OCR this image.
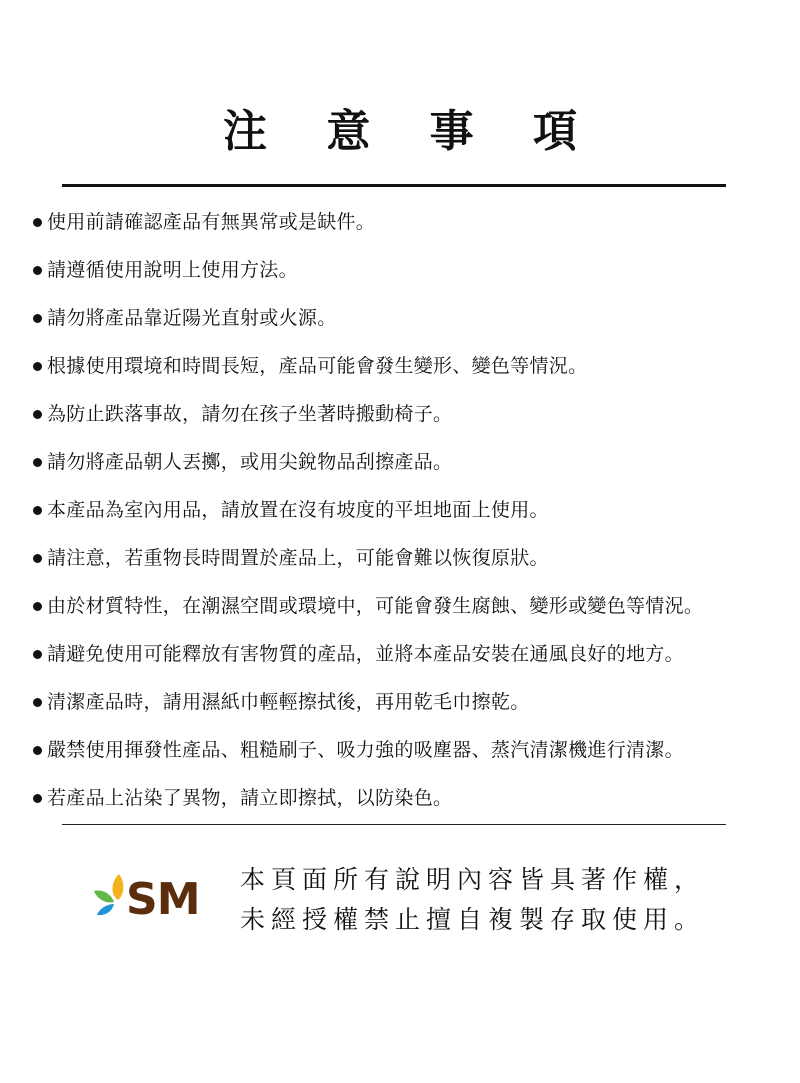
注 意 事 項
使用前請確認產品有無異常或是缺件。
請遵循使用說明上使用方法。
請勿將產品靠近陽光直射或火源。
根據使用環境和時間長短，產品可能會發生變形、變色等情況。
為防止跌落事故，請勿在孩子坐著時搬動椅子。
請勿將產品朝人丟擲，或用尖銳物品刮擦產品。
本產品為室內用品，請放置在沒有坡度的平坦地面上使用。
請注意，若重物長時間置於產品上，可能會難以恢復原狀。
由於材質特性，在潮濕空間或環境中，可能會發生腐蝕、變形或變色等情況。
請避免使用可能釋放有害物質的產品，並將本產品安裝在通風良好的地方。
清潔產品時，請用濕紙巾輕輕擦拭後，再用乾毛巾擦乾。
嚴禁使用揮發性產品、粗糙刷子、吸力強的吸塵器、蒸汽清潔機進行清潔。
若產品上沾染了異物，請立即擦拭，以防染色。
SM 本頁面所有說明內容皆具著作權，
未經授權禁止擅自複製存取使用。
